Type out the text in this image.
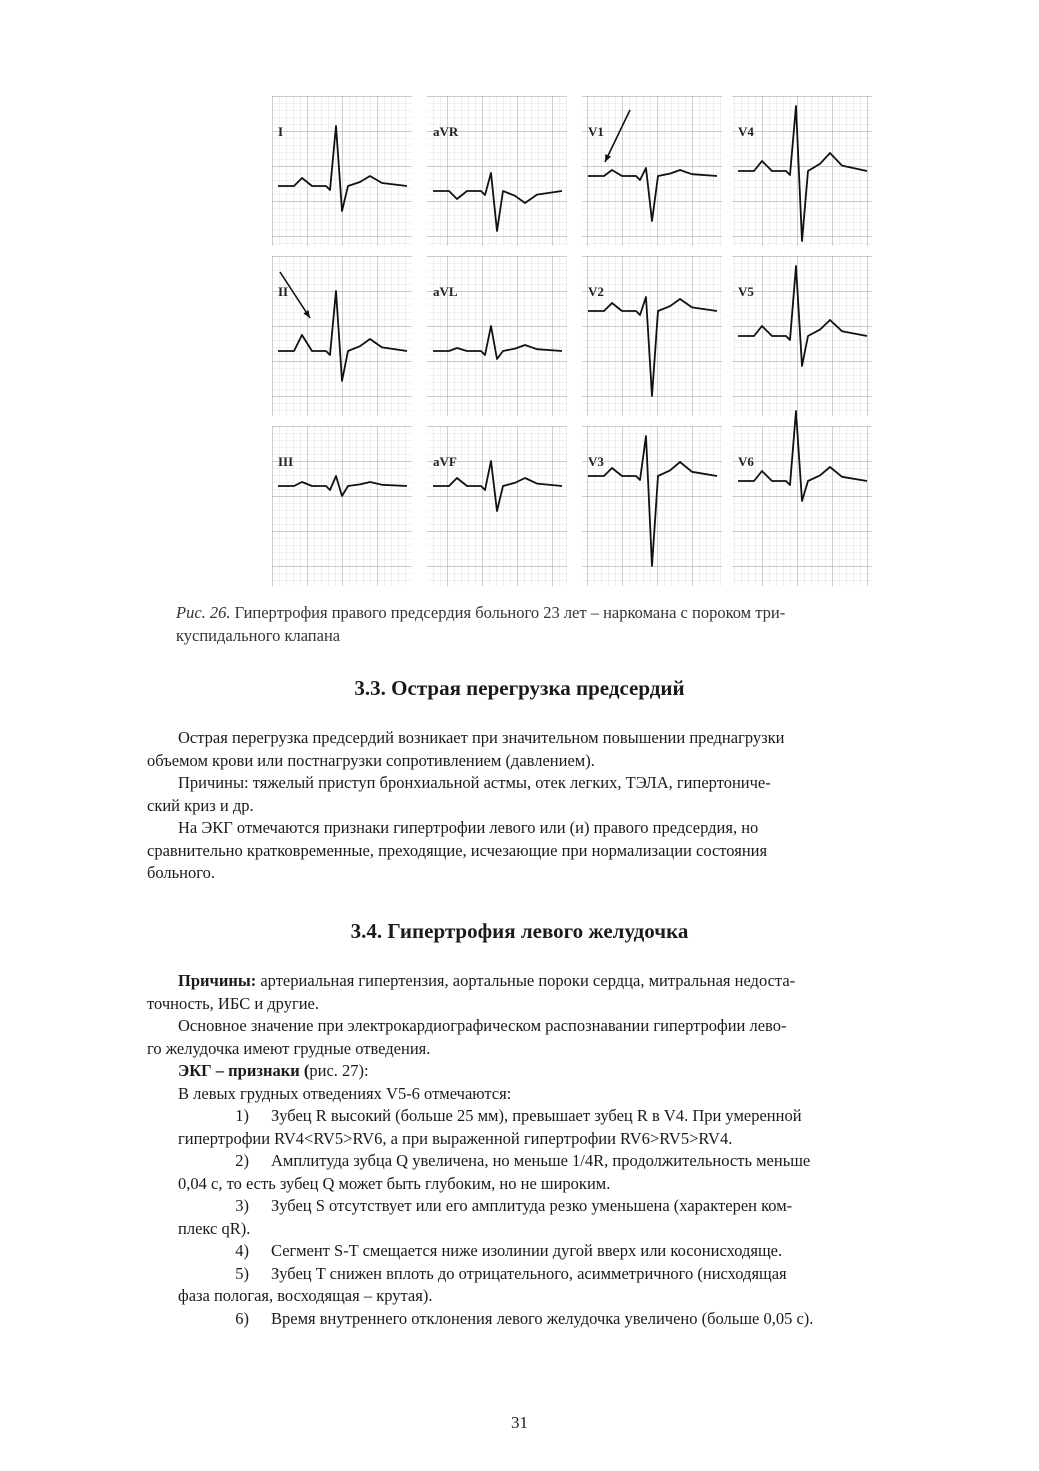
I
II
III
aVR
aVL
aVF
V1
V2
V3
V4
V5
V6
Рис. 26. Гипертрофия правого предсердия больного 23 лет – наркомана с пороком три-
куспидального клапана
3.3. Острая перегрузка предсердий
Острая перегрузка предсердий возникает при значительном повышении преднагрузки
объемом крови или постнагрузки сопротивлением (давлением).
Причины: тяжелый приступ бронхиальной астмы, отек легких, ТЭЛА, гипертониче-
ский криз и др.
На ЭКГ отмечаются признаки гипертрофии левого или (и) правого предсердия, но
сравнительно кратковременные, преходящие, исчезающие при нормализации состояния
больного.
3.4. Гипертрофия левого желудочка
Причины: артериальная гипертензия, аортальные пороки сердца, митральная недоста-
точность, ИБС и другие.
Основное значение при электрокардиографическом распознавании гипертрофии лево-
го желудочка имеют грудные отведения.
ЭКГ – признаки (рис. 27):
В левых грудных отведениях V5-6 отмечаются:
1) Зубец R высокий (больше 25 мм), превышает зубец R в V4. При умеренной
гипертрофии RV4<RV5>RV6, а при выраженной гипертрофии RV6>RV5>RV4.
2) Амплитуда зубца Q увеличена, но меньше 1/4R, продолжительность меньше
0,04 с, то есть зубец Q может быть глубоким, но не широким.
3) Зубец S отсутствует или его амплитуда резко уменьшена (характерен ком-
плекс qR).
4) Сегмент S-T смещается ниже изолинии дугой вверх или косонисходяще.
5) Зубец T снижен вплоть до отрицательного, асимметричного (нисходящая
фаза пологая, восходящая – крутая).
6) Время внутреннего отклонения левого желудочка увеличено (больше 0,05 с).
31
